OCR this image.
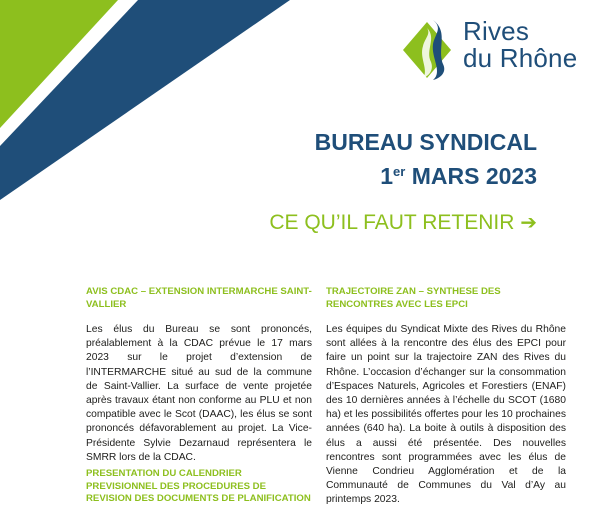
Rives
du Rhône
BUREAU SYNDICAL
1er MARS 2023
CE QU’IL FAUT RETENIR ➔

AVIS CDAC – EXTENSION INTERMARCHE SAINT-VALLIER

Les élus du Bureau se sont prononcés, préalablement à la CDAC prévue le 17 mars 2023 sur le projet d’extension de l’INTERMARCHE situé au sud de la commune de Saint-Vallier. La surface de vente projetée après travaux étant non conforme au PLU et non compatible avec le Scot (DAAC), les élus se sont prononcés défavorablement au projet. La Vice-Présidente Sylvie Dezarnaud représentera le SMRR lors de la CDAC.

PRESENTATION DU CALENDRIER PREVISIONNEL DES PROCEDURES DE REVISION DES DOCUMENTS DE PLANIFICATION

TRAJECTOIRE ZAN – SYNTHESE DES RENCONTRES AVEC LES EPCI

Les équipes du Syndicat Mixte des Rives du Rhône sont allées à la rencontre des élus des EPCI pour faire un point sur la trajectoire ZAN des Rives du Rhône. L’occasion d’échanger sur la consommation d’Espaces Naturels, Agricoles et Forestiers (ENAF) des 10 dernières années à l’échelle du SCOT (1680 ha) et les possibilités offertes pour les 10 prochaines années (640 ha). La boite à outils à disposition des élus a aussi été présentée. Des nouvelles rencontres sont programmées avec les élus de Vienne Condrieu Agglomération et de la Communauté de Communes du Val d’Ay au printemps 2023.
